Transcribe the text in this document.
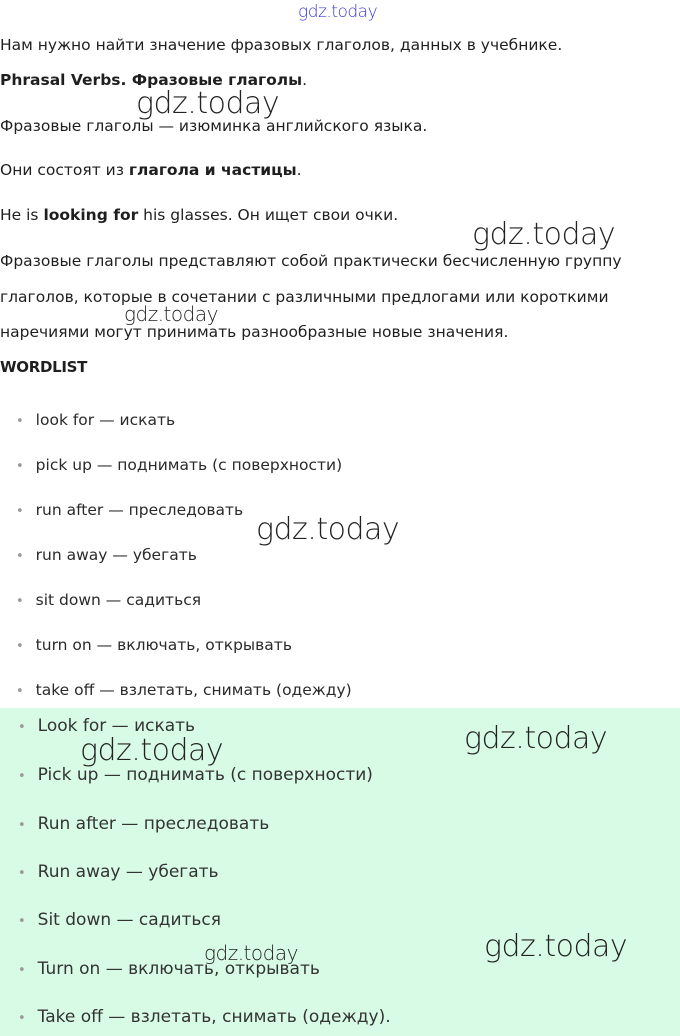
gdz.today
Нам нужно найти значение фразовых глаголов, данных в учебнике.
Phrasal Verbs. Фразовые глаголы.
Фразовые глаголы — изюминка английского языка.
Они состоят из глагола и частицы.
He is looking for his glasses. Он ищет свои очки.
Фразовые глаголы представляют собой практически бесчисленную группу
глаголов, которые в сочетании с различными предлогами или короткими
наречиями могут принимать разнообразные новые значения.
WORDLIST
• look for — искать
• pick up — поднимать (с поверхности)
• run after — преследовать
• run away — убегать
• sit down — садиться
• turn on — включать, открывать
• take off — взлетать, снимать (одежду)
• Look for — искать
• Pick up — поднимать (с поверхности)
• Run after — преследовать
• Run away — убегать
• Sit down — садиться
• Turn on — включать, открывать
• Take off — взлетать, снимать (одежду).
gdz.today
gdz.today
gdz.today
gdz.today
gdz.today	gdz.today
gdz.today
gdz.today
